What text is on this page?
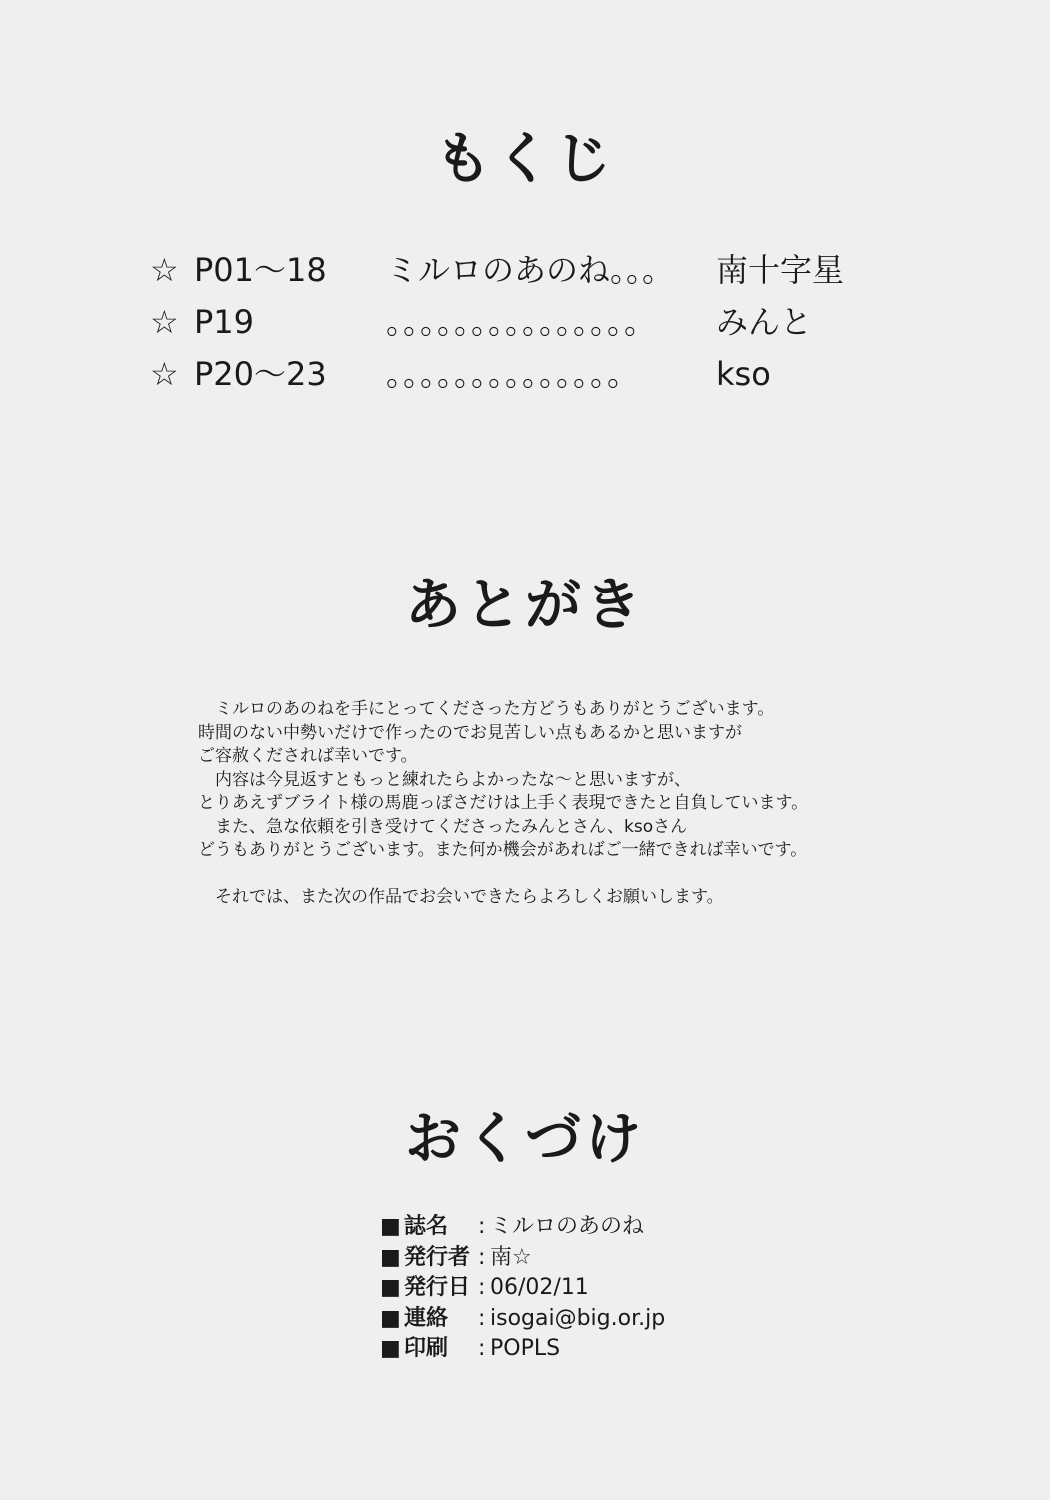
もくじ
☆ P01～18	ミルロのあのね。。。	南十字星
☆ P19	。。。。。。。。。。。。。。。	みんと
☆ P20～23	。。。。。。。。。。。。。。	kso
あとがき

　ミルロのあのねを手にとってくださった方どうもありがとうございます。

時間のない中勢いだけで作ったのでお見苦しい点もあるかと思いますが

ご容赦くだされば幸いです。

　内容は今見返すともっと練れたらよかったな～と思いますが、

とりあえずブライト様の馬鹿っぽさだけは上手く表現できたと自負しています。

　また、急な依頼を引き受けてくださったみんとさん、ksoさん

どうもありがとうございます。また何か機会があればご一緒できれば幸いです。

　それでは、また次の作品でお会いできたらよろしくお願いします。

おくづけ
■ 誌名	: ミルロのあのね
■ 発行者 : 南☆
■ 発行日 : 06/02/11
■ 連絡	: isogai@big.or.jp
■ 印刷	: POPLS
